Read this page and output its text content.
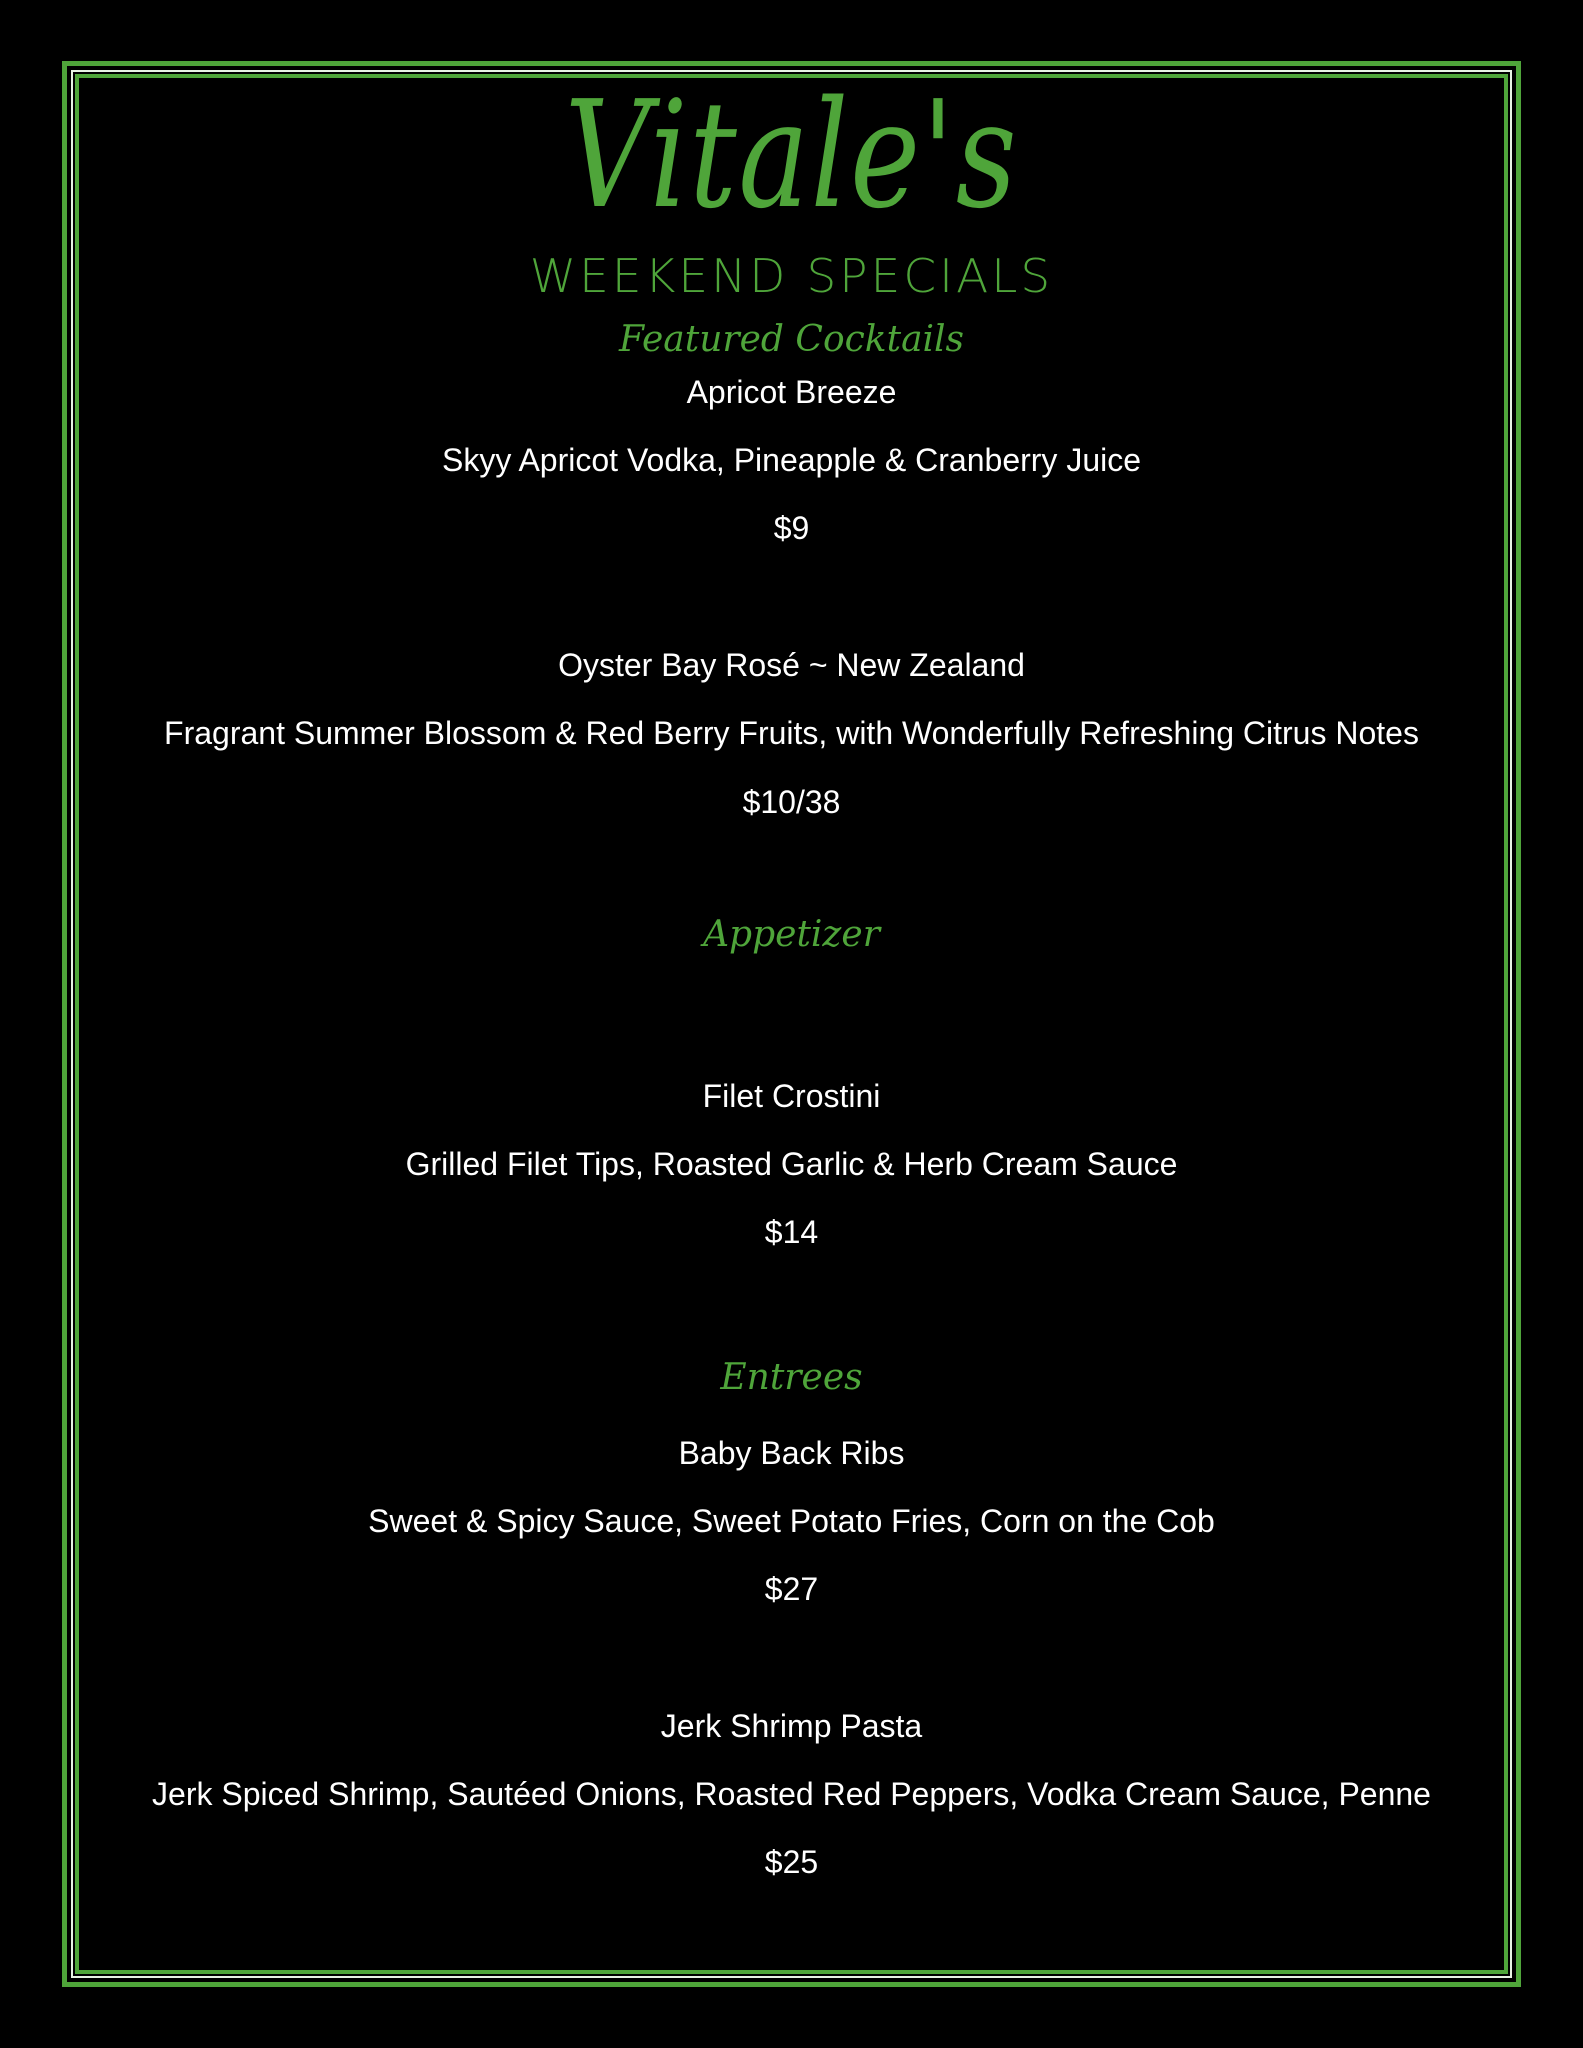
Vitale's
WEEKEND SPECIALS
Featured Cocktails
Apricot Breeze
Skyy Apricot Vodka, Pineapple & Cranberry Juice
$9
Oyster Bay Rosé ~ New Zealand
Fragrant Summer Blossom & Red Berry Fruits, with Wonderfully Refreshing Citrus Notes
$10/38
Appetizer
Filet Crostini
Grilled Filet Tips, Roasted Garlic & Herb Cream Sauce
$14
Entrees
Baby Back Ribs
Sweet & Spicy Sauce, Sweet Potato Fries, Corn on the Cob
$27
Jerk Shrimp Pasta
Jerk Spiced Shrimp, Sautéed Onions, Roasted Red Peppers, Vodka Cream Sauce, Penne
$25
